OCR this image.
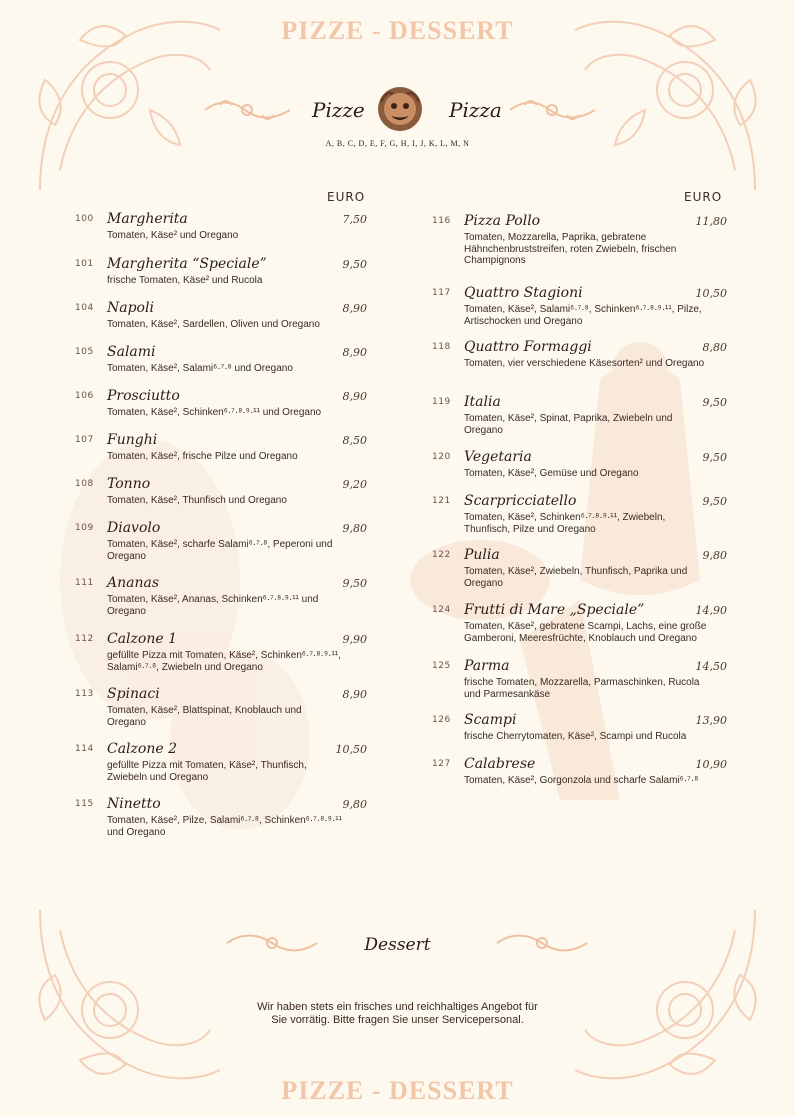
PIZZE - DESSERT
Pizze	Pizza
A, B, C, D, E, F, G, H, I, J, K, L, M, N
EURO	EURO
100 Margherita	7,50
Tomaten, Käse² und Oregano
101 Margherita “Speciale”	9,50
frische Tomaten, Käse² und Rucola
104 Napoli	8,90
Tomaten, Käse², Sardellen, Oliven und Oregano
105 Salami	8,90
Tomaten, Käse², Salami⁶·⁷·⁸ und Oregano
106 Prosciutto	8,90
Tomaten, Käse², Schinken⁶·⁷·⁸·⁹·¹¹ und Oregano
107 Funghi	8,50
Tomaten, Käse², frische Pilze und Oregano
108 Tonno	9,20
Tomaten, Käse², Thunfisch und Oregano
109 Diavolo	9,80
Tomaten, Käse², scharfe Salami⁶·⁷·⁸, Peperoni und Oregano
111 Ananas	9,50
Tomaten, Käse², Ananas, Schinken⁶·⁷·⁸·⁹·¹¹ und Oregano
112 Calzone 1	9,90
gefüllte Pizza mit Tomaten, Käse², Schinken⁶·⁷·⁸·⁹·¹¹, Salami⁶·⁷·⁸, Zwiebeln und Oregano
113 Spinaci	8,90
Tomaten, Käse², Blattspinat, Knoblauch und Oregano
114 Calzone 2	10,50
gefüllte Pizza mit Tomaten, Käse², Thunfisch, Zwiebeln und Oregano
115 Ninetto	9,80
Tomaten, Käse², Pilze, Salami⁶·⁷·⁸, Schinken⁶·⁷·⁸·⁹·¹¹ und Oregano
116 Pizza Pollo	11,80
Tomaten, Mozzarella, Paprika, gebratene Hähnchenbruststreifen, roten Zwiebeln, frischen Champignons
117 Quattro Stagioni	10,50
Tomaten, Käse², Salami⁶·⁷·⁸, Schinken⁶·⁷·⁸·⁹·¹¹, Pilze, Artischocken und Oregano
118 Quattro Formaggi	8,80
Tomaten, vier verschiedene Käsesorten² und Oregano
119 Italia	9,50
Tomaten, Käse², Spinat, Paprika, Zwiebeln und Oregano
120 Vegetaria	9,50
Tomaten, Käse², Gemüse und Oregano
121 Scarpricciatello	9,50
Tomaten, Käse², Schinken⁶·⁷·⁸·⁹·¹¹, Zwiebeln, Thunfisch, Pilze und Oregano
122 Pulia	9,80
Tomaten, Käse², Zwiebeln, Thunfisch, Paprika und Oregano
124 Frutti di Mare „Speciale”	14,90
Tomaten, Käse², gebratene Scampi, Lachs, eine große Gamberoni, Meeresfrüchte, Knoblauch und Oregano
125 Parma	14,50
frische Tomaten, Mozzarella, Parmaschinken, Rucola und Parmesankäse
126 Scampi	13,90
frische Cherrytomaten, Käse², Scampi und Rucola
127 Calabrese	10,90
Tomaten, Käse², Gorgonzola und scharfe Salami⁶·⁷·⁸
Dessert
Wir haben stets ein frisches und reichhaltiges Angebot für
Sie vorrätig. Bitte fragen Sie unser Servicepersonal.
PIZZE - DESSERT
